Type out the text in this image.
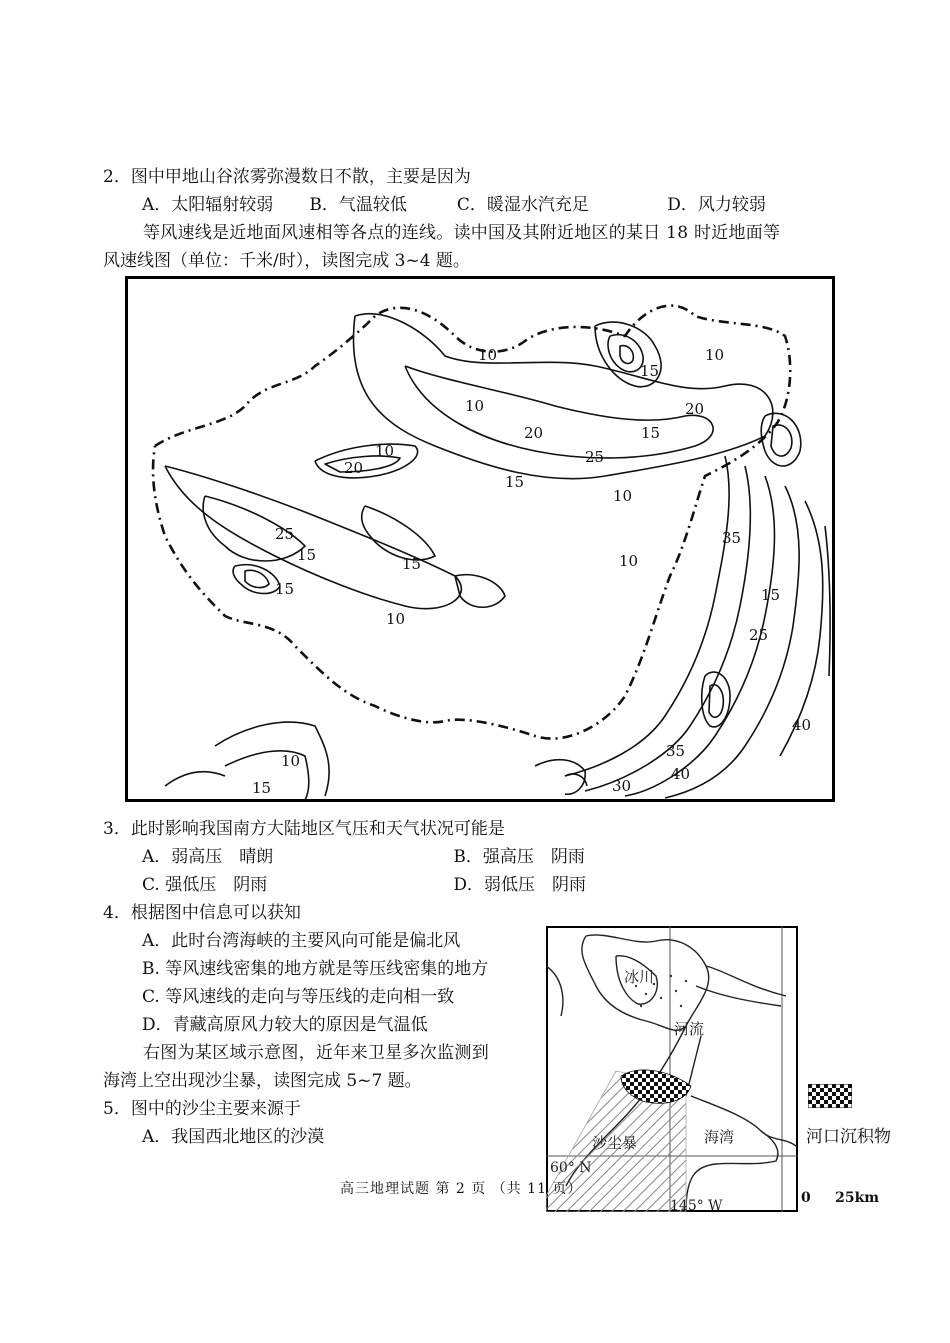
2．图中甲地山谷浓雾弥漫数日不散，主要是因为
A．太阳辐射较弱 B．气温较低	C．暖湿水汽充足	D．风力较弱
等风速线是近地面风速相等各点的连线。读中国及其附近地区的某日 18 时近地面等
风速线图（单位：千米/时），读图完成 3~4 题。
10	10
15
20
10
20	15
10
20
25
15
10
25
15	15
15
10
10
35
15
25
40
35
40
30
10
15
3．此时影响我国南方大陆地区气压和天气状况可能是
A．弱高压　晴朗	B．强高压　阴雨
C. 强低压　阴雨	D．弱低压　阴雨
4．根据图中信息可以获知
A．此时台湾海峡的主要风向可能是偏北风
B. 等风速线密集的地方就是等压线密集的地方
C. 等风速线的走向与等压线的走向相一致
D．青藏高原风力较大的原因是气温低
右图为某区域示意图，近年来卫星多次监测到
海湾上空出现沙尘暴，读图完成 5~7 题。
5．图中的沙尘主要来源于
A．我国西北地区的沙漠
冰川
河流
沙尘暴	海湾
60° N
145° W
河口沉积物
0     25km
高三地理试题 第 2 页 （共 11 页）
